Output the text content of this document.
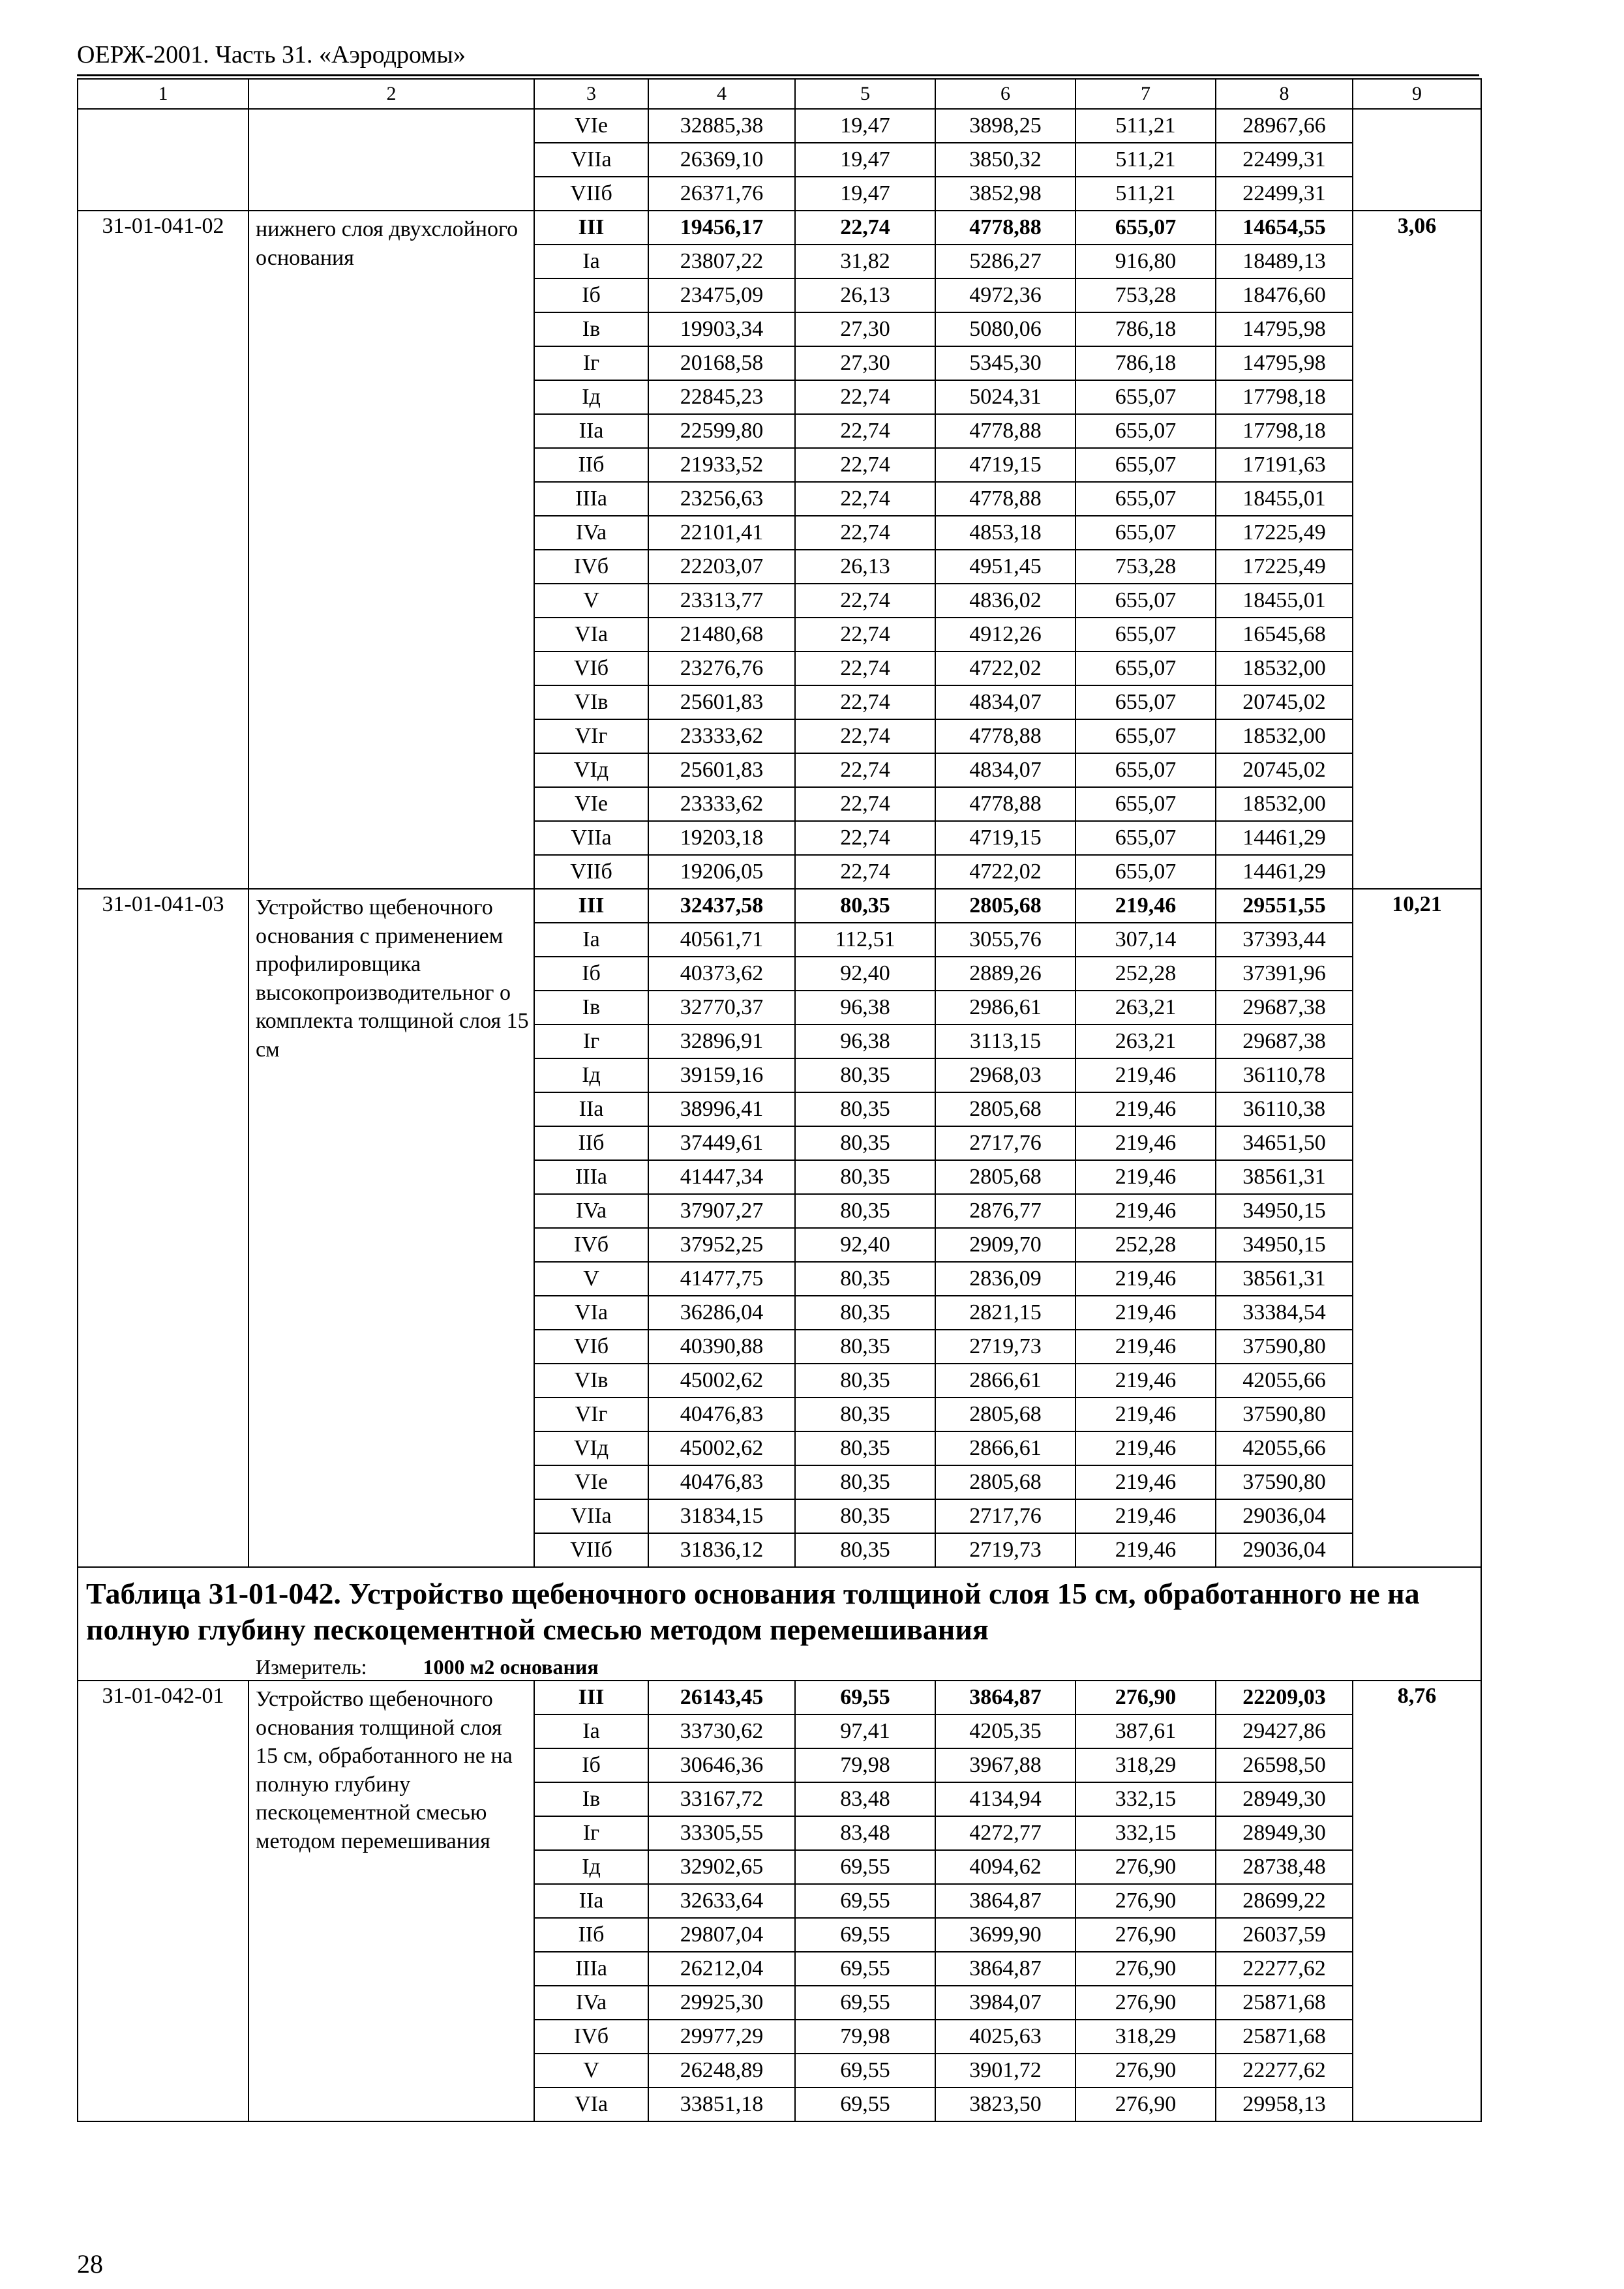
ОЕРЖ-2001. Часть 31. «Аэродромы»
1	2	3	4	5	6	7	8	9
		VIe	32885,38	19,47	3898,25	511,21	28967,66	
		VIIa	26369,10	19,47	3850,32	511,21	22499,31	
		VIIб	26371,76	19,47	3852,98	511,21	22499,31	
31-01-041-02	нижнего слоя двухслойного основания	III	19456,17	22,74	4778,88	655,07	14654,55	3,06
		Ia	23807,22	31,82	5286,27	916,80	18489,13	
		Iб	23475,09	26,13	4972,36	753,28	18476,60	
		Iв	19903,34	27,30	5080,06	786,18	14795,98	
		Iг	20168,58	27,30	5345,30	786,18	14795,98	
		Iд	22845,23	22,74	5024,31	655,07	17798,18	
		IIa	22599,80	22,74	4778,88	655,07	17798,18	
		IIб	21933,52	22,74	4719,15	655,07	17191,63	
		IIIa	23256,63	22,74	4778,88	655,07	18455,01	
		IVa	22101,41	22,74	4853,18	655,07	17225,49	
		IVб	22203,07	26,13	4951,45	753,28	17225,49	
		V	23313,77	22,74	4836,02	655,07	18455,01	
		VIa	21480,68	22,74	4912,26	655,07	16545,68	
		VIб	23276,76	22,74	4722,02	655,07	18532,00	
		VIв	25601,83	22,74	4834,07	655,07	20745,02	
		VIг	23333,62	22,74	4778,88	655,07	18532,00	
		VIд	25601,83	22,74	4834,07	655,07	20745,02	
		VIe	23333,62	22,74	4778,88	655,07	18532,00	
		VIIa	19203,18	22,74	4719,15	655,07	14461,29	
		VIIб	19206,05	22,74	4722,02	655,07	14461,29	
31-01-041-03	Устройство щебеночного основания с применением профилировщика высокопроизводительног о комплекта толщиной слоя 15 см	III	32437,58	80,35	2805,68	219,46	29551,55	10,21
		Ia	40561,71	112,51	3055,76	307,14	37393,44	
		Iб	40373,62	92,40	2889,26	252,28	37391,96	
		Iв	32770,37	96,38	2986,61	263,21	29687,38	
		Iг	32896,91	96,38	3113,15	263,21	29687,38	
		Iд	39159,16	80,35	2968,03	219,46	36110,78	
		IIa	38996,41	80,35	2805,68	219,46	36110,38	
		IIб	37449,61	80,35	2717,76	219,46	34651,50	
		IIIa	41447,34	80,35	2805,68	219,46	38561,31	
		IVa	37907,27	80,35	2876,77	219,46	34950,15	
		IVб	37952,25	92,40	2909,70	252,28	34950,15	
		V	41477,75	80,35	2836,09	219,46	38561,31	
		VIa	36286,04	80,35	2821,15	219,46	33384,54	
		VIб	40390,88	80,35	2719,73	219,46	37590,80	
		VIв	45002,62	80,35	2866,61	219,46	42055,66	
		VIг	40476,83	80,35	2805,68	219,46	37590,80	
		VIд	45002,62	80,35	2866,61	219,46	42055,66	
		VIe	40476,83	80,35	2805,68	219,46	37590,80	
		VIIa	31834,15	80,35	2717,76	219,46	29036,04	
		VIIб	31836,12	80,35	2719,73	219,46	29036,04	

Таблица 31-01-042. Устройство щебеночного основания толщиной слоя 15 см, обработанного не на полную глубину пескоцементной смесью методом перемешивания
Измеритель: 1000 м2 основания								

31-01-042-01	Устройство щебеночного основания толщиной слоя 15 см, обработанного не на полную глубину пескоцементной смесью методом перемешивания	III	26143,45	69,55	3864,87	276,90	22209,03	8,76
		Ia	33730,62	97,41	4205,35	387,61	29427,86	
		Iб	30646,36	79,98	3967,88	318,29	26598,50	
		Iв	33167,72	83,48	4134,94	332,15	28949,30	
		Iг	33305,55	83,48	4272,77	332,15	28949,30	
		Iд	32902,65	69,55	4094,62	276,90	28738,48	
		IIa	32633,64	69,55	3864,87	276,90	28699,22	
		IIб	29807,04	69,55	3699,90	276,90	26037,59	
		IIIa	26212,04	69,55	3864,87	276,90	22277,62	
		IVa	29925,30	69,55	3984,07	276,90	25871,68	
		IVб	29977,29	79,98	4025,63	318,29	25871,68	
		V	26248,89	69,55	3901,72	276,90	22277,62	
		VIa	33851,18	69,55	3823,50	276,90	29958,13	
28
